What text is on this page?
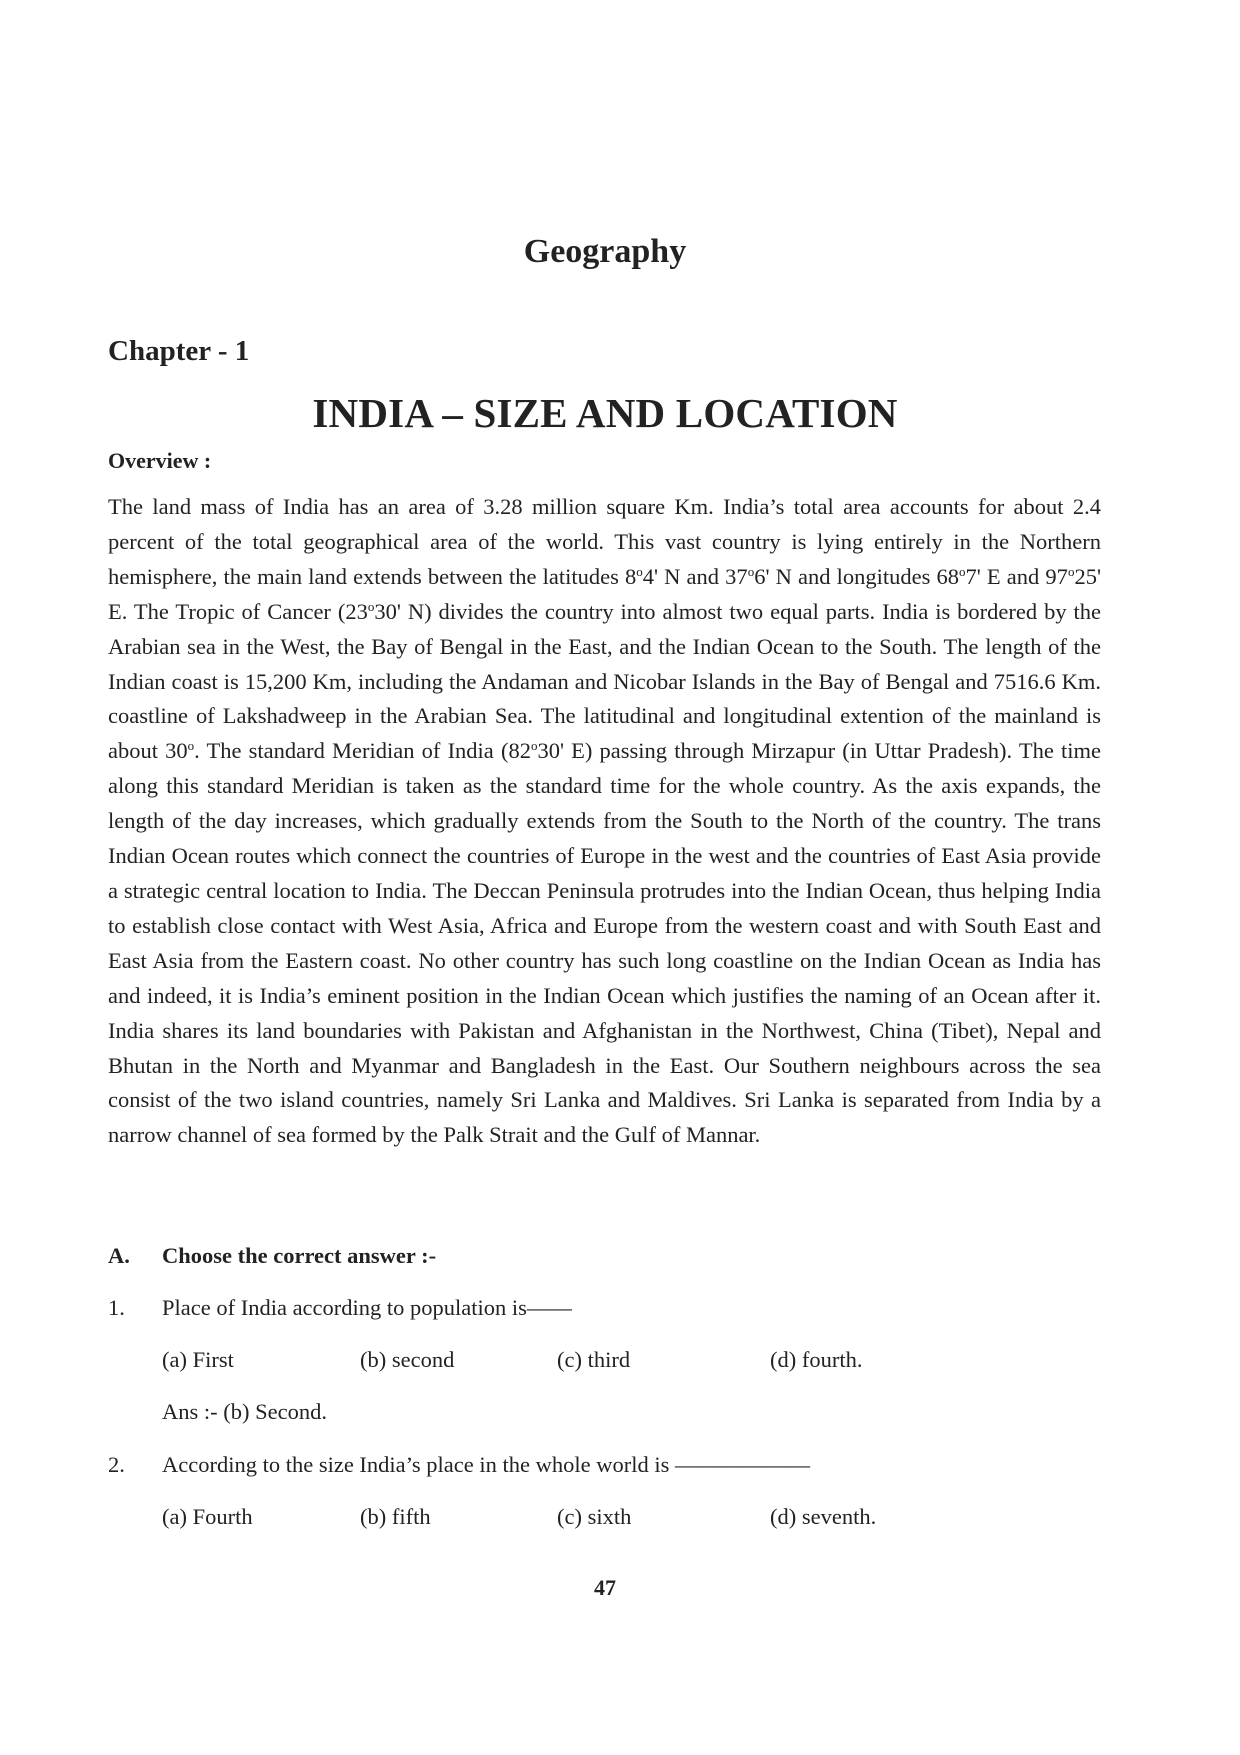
Geography
Chapter - 1
INDIA – SIZE AND LOCATION
Overview :
The land mass of India has an area of 3.28 million square Km. India’s total area accounts for about 2.4 percent of the total geographical area of the world. This vast country is lying entirely in the Northern hemisphere, the main land extends between the latitudes 8$^o$4' N and 37$^o$6' N and longitudes 68$^o$7' E and 97$^o$25' E. The Tropic of Cancer (23$^o$30' N) divides the country into almost two equal parts. India is bordered by the Arabian sea in the West, the Bay of Bengal in the East, and the Indian Ocean to the South. The length of the Indian coast is 15,200 Km, including the Andaman and Nicobar Islands in the Bay of Bengal and 7516.6 Km. coastline of Lakshadweep in the Arabian Sea. The latitudinal and longitudinal extention of the mainland is about 30$^o$. The standard Meridian of India (82$^o$30' E) passing through Mirzapur (in Uttar Pradesh). The time along this standard Meridian is taken as the standard time for the whole country. As the axis expands, the length of the day increases, which gradually extends from the South to the North of the country. The trans Indian Ocean routes which connect the countries of Europe in the west and the countries of East Asia provide a strategic central location to India. The Deccan Peninsula protrudes into the Indian Ocean, thus helping India to establish close contact with West Asia, Africa and Europe from the western coast and with South East and East Asia from the Eastern coast. No other country has such long coastline on the Indian Ocean as India has and indeed, it is India’s eminent position in the Indian Ocean which justifies the naming of an Ocean after it. India shares its land boundaries with Pakistan and Afghanistan in the Northwest, China (Tibet), Nepal and Bhutan in the North and Myanmar and Bangladesh in the East. Our Southern neighbours across the sea consist of the two island countries, namely Sri Lanka and Maldives. Sri Lanka is separated from India by a narrow channel of sea formed by the Palk Strait and the Gulf of Mannar.
A. Choose the correct answer :-
1. Place of India according to population is——
(a) First	(b) second	(c) third	(d) fourth.
Ans :- (b) Second.
2. According to the size India’s place in the whole world is ——————
(a) Fourth	(b) fifth	(c) sixth	(d) seventh.
47
